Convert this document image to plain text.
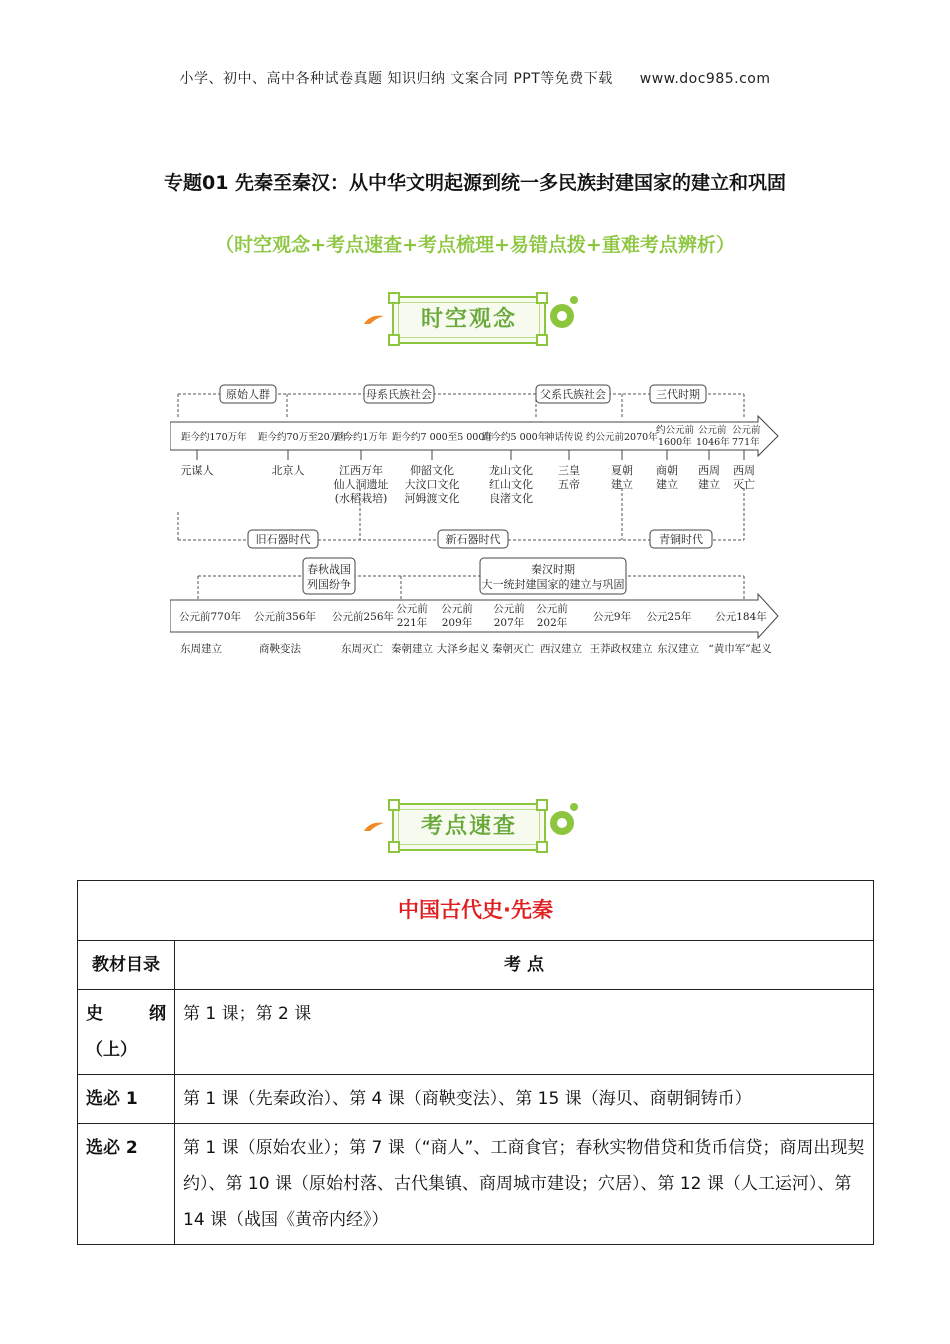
小学、初中、高中各种试卷真题 知识归纳 文案合同 PPT等免费下载 www.doc985.com
专题01 先秦至秦汉：从中华文明起源到统一多民族封建国家的建立和巩固
（时空观念+考点速查+考点梳理+易错点拨+重难考点辨析）
时空观念
原始人群	母系氏族社会	父系氏族社会	三代时期
距今约170万年 距今约70万至20万年
距今约1万年 距今约7 000至5 000年
距今约5 000年
神话传说 约公元前2070年
约公元前
1600年
公元前
1046年
公元前
771年
元谋人	北京人	江西万年
仙人洞遗址
(水稻栽培)
仰韶文化
大汶口文化
河姆渡文化
龙山文化
红山文化
良渚文化
三皇
五帝
夏朝
建立
商朝
建立
西周
建立
西周
灭亡
旧石器时代	新石器时代	青铜时代
春秋战国
列国纷争
秦汉时期
大一统封建国家的建立与巩固
公元前770年 公元前356年 公元前256年
公元前
221年
公元前
209年
公元前
207年
公元前
202年 公元9年 公元25年 公元184年
东周建立	商鞅变法	东周灭亡 秦朝建立 大泽乡起义 秦朝灭亡 西汉建立 王莽政权建立 东汉建立 “黄巾军”起义
考点速查
中国古代史·先秦	
教材目录	考 点

史 纲
（上）	第 1 课；第 2 课
选必 1	第 1 课（先秦政治）、第 4 课（商鞅变法）、第 15 课（海贝、商朝铜铸币）
选必 2	第 1 课（原始农业）；第 7 课（“商人”、工商食官；春秋实物借贷和货币信贷；商周出现契约）、第 10 课（原始村落、古代集镇、商周城市建设；穴居）、第 12 课（人工运河）、第 14 课（战国《黄帝内经》）
